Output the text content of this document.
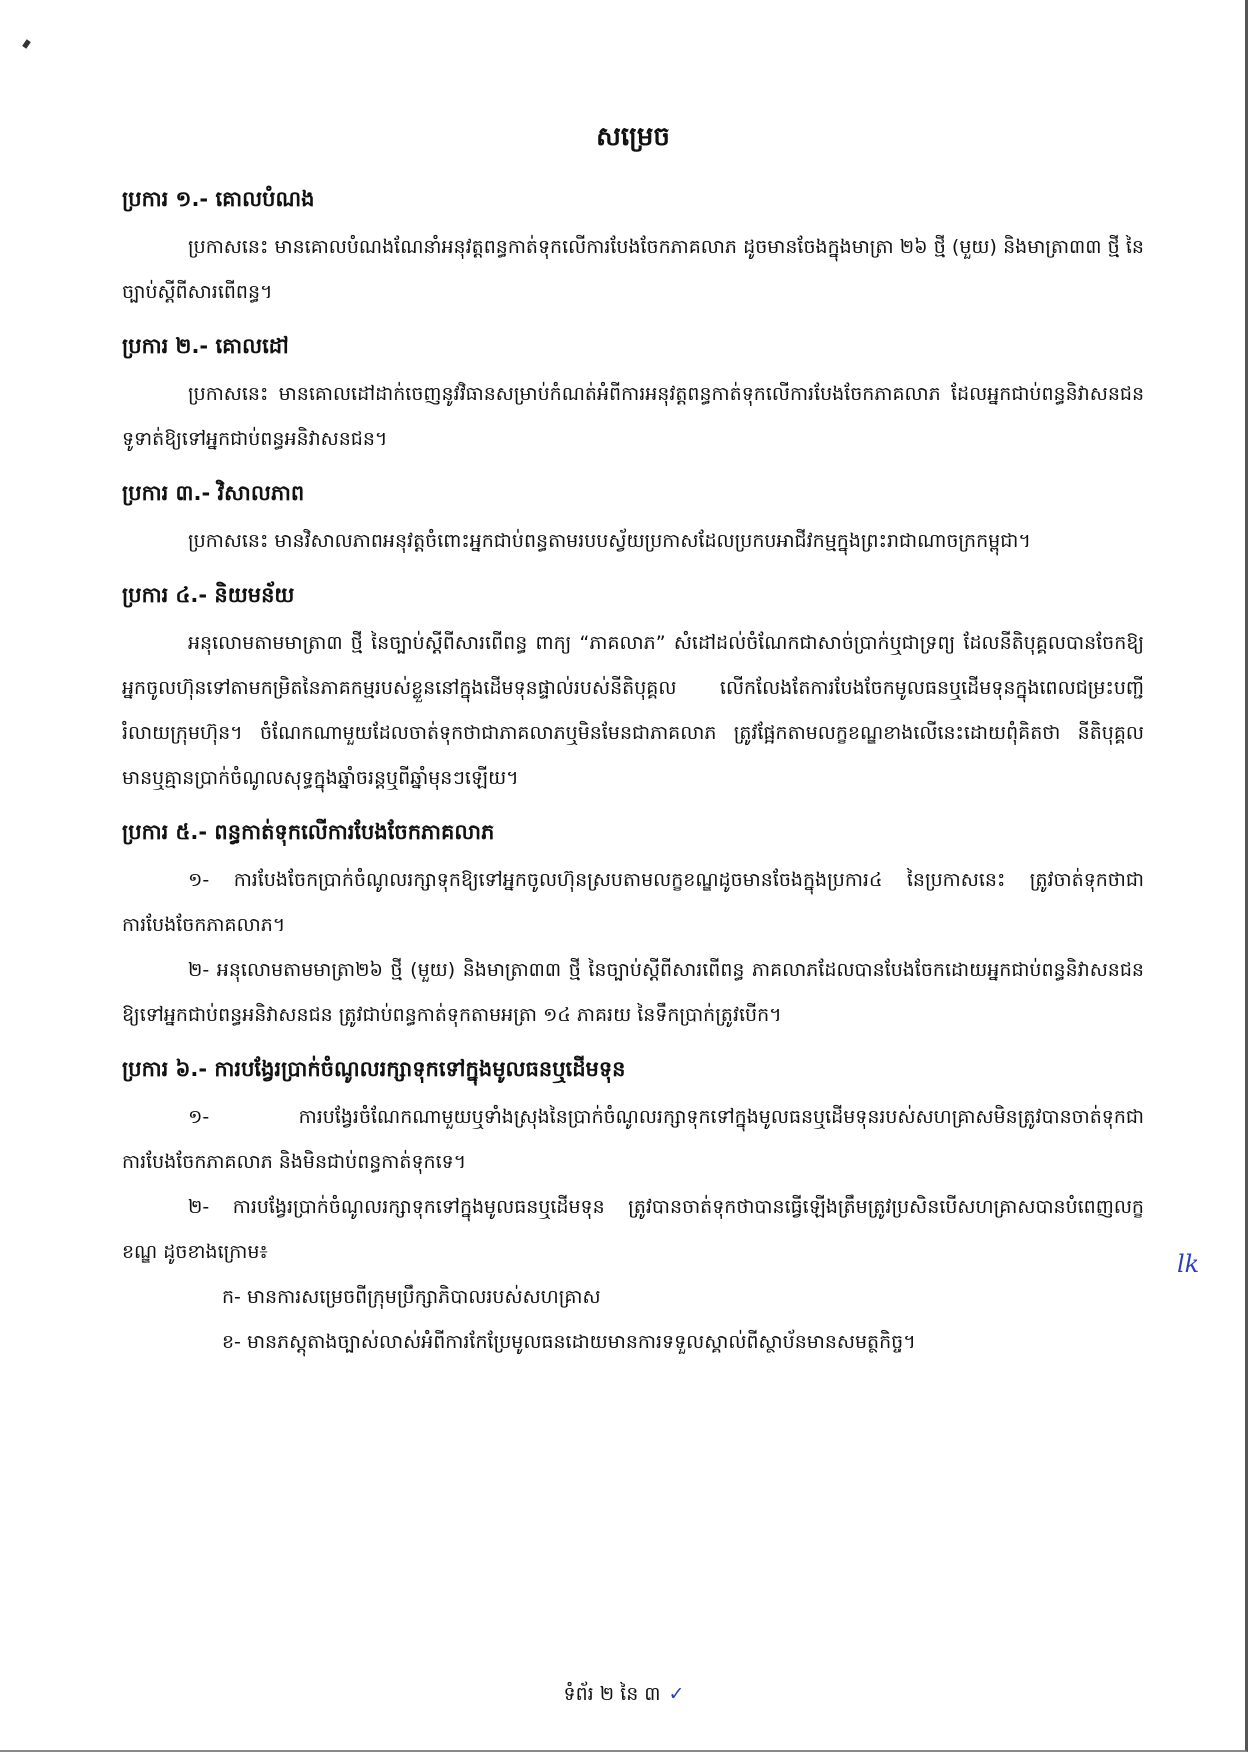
សម្រេច
ប្រការ ១.- គោលបំណង

ប្រកាសនេះ មានគោលបំណងណែនាំអនុវត្តពន្ធកាត់ទុកលើការបែងចែកភាគលាភ ដូចមានចែងក្នុងមាត្រា ២៦ ថ្មី (មួយ) និងមាត្រា៣៣ ថ្មី នៃច្បាប់ស្តីពីសារពើពន្ធ។

ប្រការ ២.- គោលដៅ

ប្រកាសនេះ មានគោលដៅដាក់ចេញនូវវិធានសម្រាប់កំណត់អំពីការអនុវត្តពន្ធកាត់ទុកលើការបែងចែកភាគលាភ ដែលអ្នកជាប់ពន្ធនិវាសនជនទូទាត់ឱ្យទៅអ្នកជាប់ពន្ធអនិវាសនជន។

ប្រការ ៣.- វិសាលភាព

ប្រកាសនេះ មានវិសាលភាពអនុវត្តចំពោះអ្នកជាប់ពន្ធតាមរបបស្វ័យប្រកាសដែលប្រកបអាជីវកម្មក្នុងព្រះរាជាណាចក្រកម្ពុជា។

ប្រការ ៤.- និយមន័យ

អនុលោមតាមមាត្រា៣ ថ្មី នៃច្បាប់ស្តីពីសារពើពន្ធ ពាក្យ “ភាគលាភ” សំដៅដល់ចំណែកជាសាច់ប្រាក់ឬជាទ្រព្យ ដែលនីតិបុគ្គលបានចែកឱ្យអ្នកចូលហ៊ុនទៅតាមកម្រិតនៃភាគកម្មរបស់ខ្លួននៅក្នុងដើមទុនផ្ទាល់របស់នីតិបុគ្គល លើកលែងតែការបែងចែកមូលធនឬដើមទុនក្នុងពេលជម្រះបញ្ជីរំលាយក្រុមហ៊ុន។ ចំណែកណាមួយដែលចាត់ទុកថាជាភាគលាភឬមិនមែនជាភាគលាភ ត្រូវផ្អែកតាមលក្ខខណ្ឌខាងលើនេះដោយពុំគិតថា នីតិបុគ្គលមានឬគ្មានប្រាក់ចំណូលសុទ្ធក្នុងឆ្នាំចរន្តឬពីឆ្នាំមុនៗឡើយ។

ប្រការ ៥.- ពន្ធកាត់ទុកលើការបែងចែកភាគលាភ

១- ការបែងចែកប្រាក់ចំណូលរក្សាទុកឱ្យទៅអ្នកចូលហ៊ុនស្របតាមលក្ខខណ្ឌដូចមានចែងក្នុងប្រការ៤ នៃប្រកាសនេះ ត្រូវចាត់ទុកថាជាការបែងចែកភាគលាភ។

២- អនុលោមតាមមាត្រា២៦ ថ្មី (មួយ) និងមាត្រា៣៣ ថ្មី នៃច្បាប់ស្តីពីសារពើពន្ធ ភាគលាភដែលបានបែងចែកដោយអ្នកជាប់ពន្ធនិវាសនជនឱ្យទៅអ្នកជាប់ពន្ធអនិវាសនជន ត្រូវជាប់ពន្ធកាត់ទុកតាមអត្រា ១៤ ភាគរយ នៃទឹកប្រាក់ត្រូវបើក។

ប្រការ ៦.- ការបង្វែរប្រាក់ចំណូលរក្សាទុកទៅក្នុងមូលធនឬដើមទុន

១- ការបង្វែរចំណែកណាមួយឬទាំងស្រុងនៃប្រាក់ចំណូលរក្សាទុកទៅក្នុងមូលធនឬដើមទុនរបស់សហគ្រាសមិនត្រូវបានចាត់ទុកជាការបែងចែកភាគលាភ និងមិនជាប់ពន្ធកាត់ទុកទេ។

២- ការបង្វែរប្រាក់ចំណូលរក្សាទុកទៅក្នុងមូលធនឬដើមទុន ត្រូវបានចាត់ទុកថាបានធ្វើឡើងត្រឹមត្រូវប្រសិនបើសហគ្រាសបានបំពេញលក្ខខណ្ឌ ដូចខាងក្រោម៖

ក- មានការសម្រេចពីក្រុមប្រឹក្សាភិបាលរបស់សហគ្រាស

ខ- មានភស្តុតាងច្បាស់លាស់អំពីការកែប្រែមូលធនដោយមានការទទួលស្គាល់ពីស្ថាប័នមានសមត្ថកិច្ច។

lk
ទំព័រ ២ នៃ ៣ ✓
